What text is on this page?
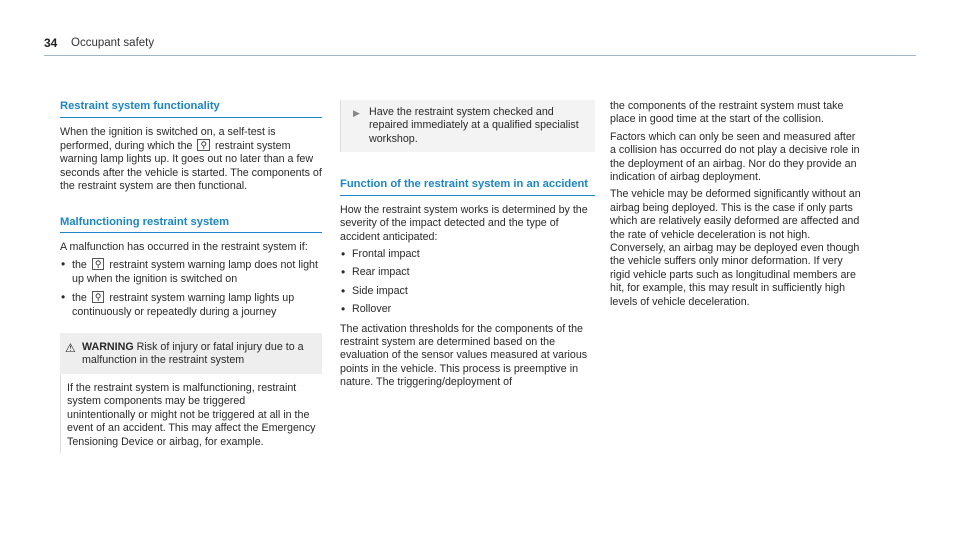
34 Occupant safety
Restraint system functionality

When the ignition is switched on, a self-test is performed, during which the ⚲ restraint system warning lamp lights up. It goes out no later than a few seconds after the vehicle is started. The components of the restraint system are then functional.

Malfunctioning restraint system

A malfunction has occurred in the restraint system if:

• the ⚲ restraint system warning lamp does not light up when the ignition is switched on
• the ⚲ restraint system warning lamp lights up continuously or repeatedly during a journey
⚠ WARNING Risk of injury or fatal injury due to a malfunction in the restraint system
If the restraint system is malfunctioning, restraint system components may be triggered unintentionally or might not be triggered at all in the event of an accident. This may affect the Emergency Tensioning Device or airbag, for example.
▶ Have the restraint system checked and repaired immediately at a qualified specialist workshop.
Function of the restraint system in an accident

How the restraint system works is determined by the severity of the impact detected and the type of accident anticipated:

• Frontal impact
• Rear impact
• Side impact
• Rollover

The activation thresholds for the components of the restraint system are determined based on the evaluation of the sensor values measured at various points in the vehicle. This process is preemptive in nature. The triggering/deployment of

the components of the restraint system must take place in good time at the start of the collision.

Factors which can only be seen and measured after a collision has occurred do not play a decisive role in the deployment of an airbag. Nor do they provide an indication of airbag deployment.

The vehicle may be deformed significantly without an airbag being deployed. This is the case if only parts which are relatively easily deformed are affected and the rate of vehicle deceleration is not high. Conversely, an airbag may be deployed even though the vehicle suffers only minor deformation. If very rigid vehicle parts such as longitudinal members are hit, for example, this may result in sufficiently high levels of vehicle deceleration.
